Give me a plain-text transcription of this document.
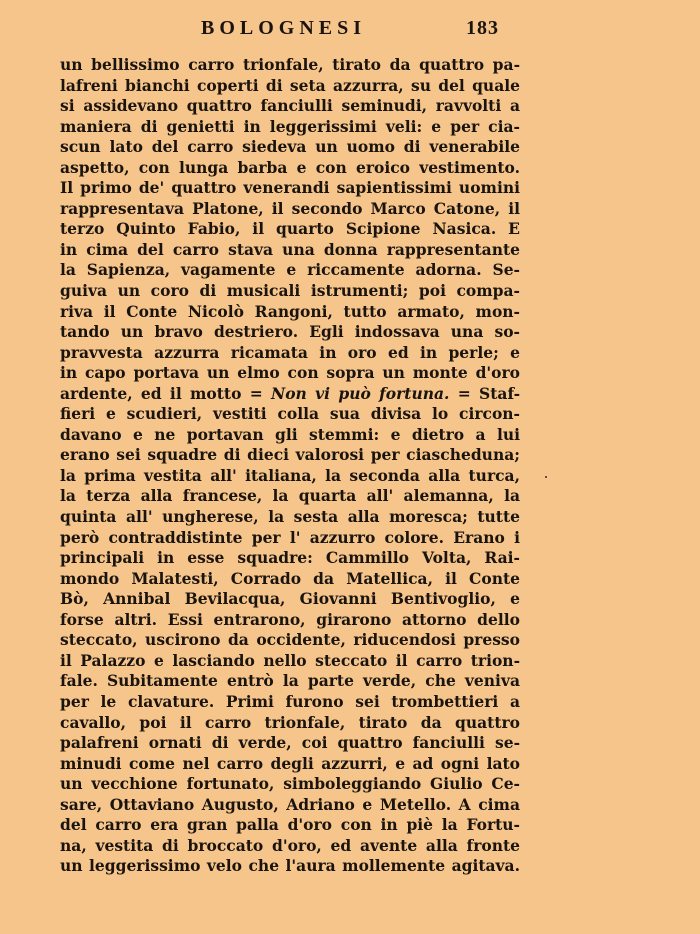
BOLOGNESI	183
un bellissimo carro trionfale, tirato da quattro pa-
lafreni bianchi coperti di seta azzurra, su del quale
si assidevano quattro fanciulli seminudi, ravvolti a
maniera di genietti in leggerissimi veli: e per cia-
scun lato del carro siedeva un uomo di venerabile
aspetto, con lunga barba e con eroico vestimento.
Il primo de' quattro venerandi sapientissimi uomini
rappresentava Platone, il secondo Marco Catone, il
terzo Quinto Fabio, il quarto Scipione Nasica. E
in cima del carro stava una donna rappresentante
la Sapienza, vagamente e riccamente adorna. Se-
guiva un coro di musicali istrumenti; poi compa-
riva il Conte Nicolò Rangoni, tutto armato, mon-
tando un bravo destriero. Egli indossava una so-
pravvesta azzurra ricamata in oro ed in perle; e
in capo portava un elmo con sopra un monte d'oro
ardente, ed il motto = Non vi può fortuna. = Staf-
fieri e scudieri, vestiti colla sua divisa lo circon-
davano e ne portavan gli stemmi: e dietro a lui
erano sei squadre di dieci valorosi per ciascheduna;
la prima vestita all' italiana, la seconda alla turca,
la terza alla francese, la quarta all' alemanna, la
quinta all' ungherese, la sesta alla moresca; tutte
però contraddistinte per l' azzurro colore. Erano i
principali in esse squadre: Cammillo Volta, Rai-
mondo Malatesti, Corrado da Matellica, il Conte
Bò, Annibal Bevilacqua, Giovanni Bentivoglio, e
forse altri. Essi entrarono, girarono attorno dello
steccato, uscirono da occidente, riducendosi presso
il Palazzo e lasciando nello steccato il carro trion-
fale. Subitamente entrò la parte verde, che veniva
per le clavature. Primi furono sei trombettieri a
cavallo, poi il carro trionfale, tirato da quattro
palafreni ornati di verde, coi quattro fanciulli se-
minudi come nel carro degli azzurri, e ad ogni lato
un vecchione fortunato, simboleggiando Giulio Ce-
sare, Ottaviano Augusto, Adriano e Metello. A cima
del carro era gran palla d'oro con in piè la Fortu-
na, vestita di broccato d'oro, ed avente alla fronte
un leggerissimo velo che l'aura mollemente agitava.
